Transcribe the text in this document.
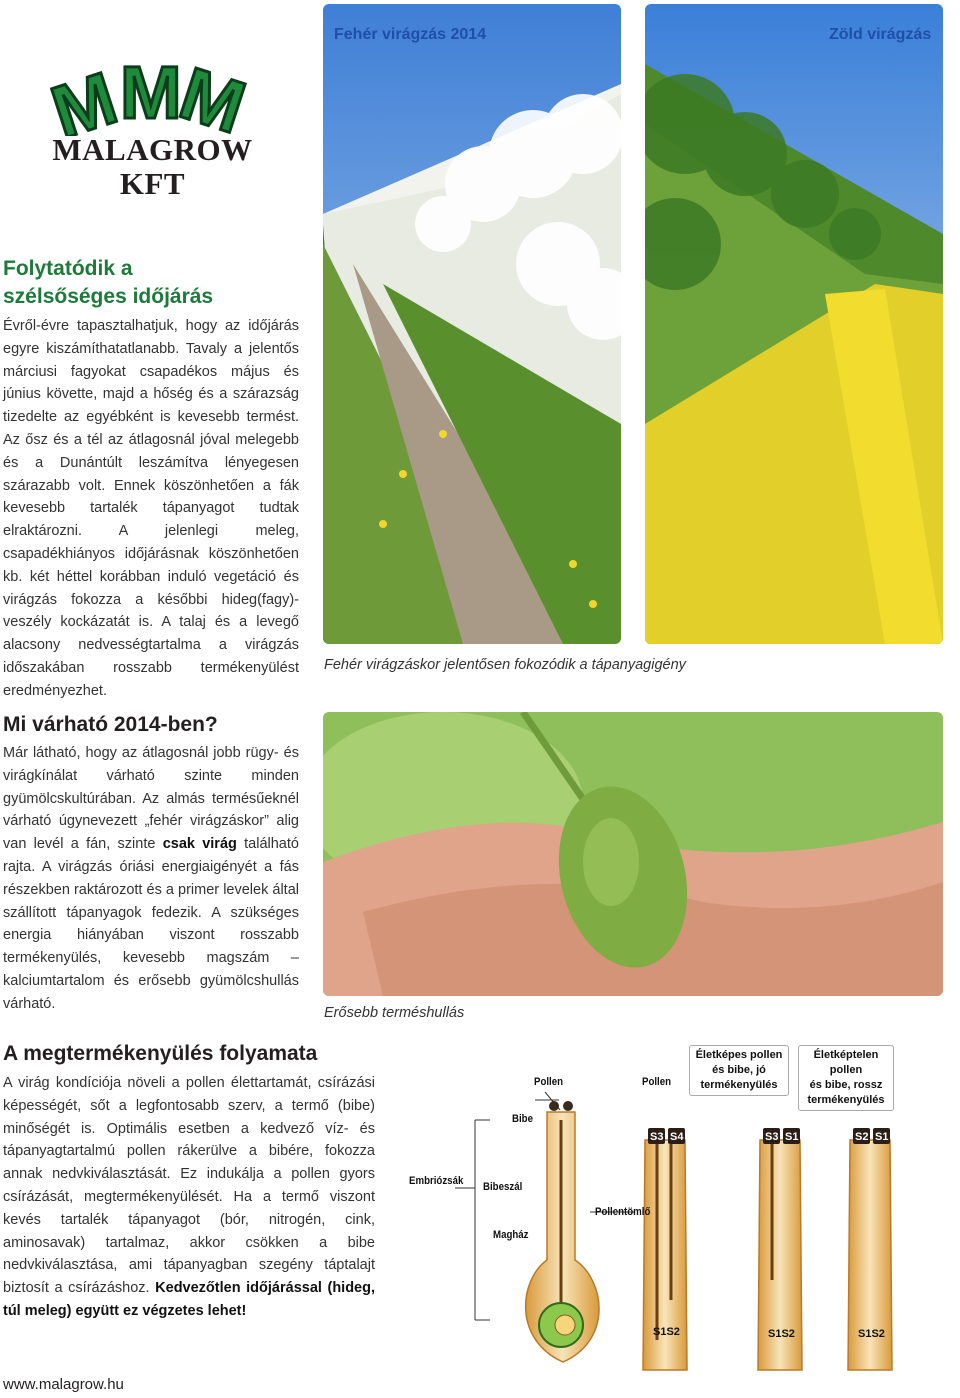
M
M
M
MALAGROW
KFT
Folytatódik a
szélsőséges időjárás

Évről-évre tapasztalhatjuk, hogy az időjárás egyre kiszámíthatatlanabb. Tavaly a jelentős márciusi fagyokat csapadékos május és június követte, majd a hőség és a szárazság tizedelte az egyébként is kevesebb termést. Az ősz és a tél az átlagosnál jóval melegebb és a Dunántúlt leszámítva lényegesen szárazabb volt. Ennek köszönhetően a fák kevesebb tartalék tápanyagot tudtak elraktározni. A jelenlegi meleg, csapadékhiányos időjárásnak köszönhetően kb. két héttel korábban induló vegetáció és virágzás fokozza a későbbi hideg(fagy)-veszély kockázatát is. A talaj és a levegő alacsony nedvességtartalma a virágzás időszakában rosszabb termékenyülést eredményezhet.

Fehér virágzás 2014	Zöld virágzás
Fehér virágzáskor jelentősen fokozódik a tápanyagigény
Mi várható 2014-ben?

Már látható, hogy az átlagosnál jobb rügy- és virágkínálat várható szinte minden gyümölcskultúrában. Az almás termésűeknél várható úgynevezett „fehér virágzáskor” alig van levél a fán, szinte csak virág található rajta. A virágzás óriási energiaigényét a fás részekben raktározott és a primer levelek által szállított tápanyagok fedezik. A szükséges energia hiányában viszont rosszabb termékenyülés, kevesebb magszám – kalciumtartalom és erősebb gyümölcshullás várható.

Erősebb terméshullás
A megtermékenyülés folyamata

A virág kondíciója növeli a pollen élettartamát, csírázási képességét, sőt a legfontosabb szerv, a termő (bibe) minőségét is. Optimális esetben a kedvező víz- és tápanyagtartalmú pollen rákerülve a bibére, fokozza annak nedvkiválasztását. Ez indukálja a pollen gyors csírázását, megtermékenyülését. Ha a termő viszont kevés tartalék tápanyagot (bór, nitrogén, cink, aminosavak) tartalmaz, akkor csökken a bibe nedvkiválasztása, ami tápanyagban szegény táptalajt biztosít a csírázáshoz. Kedvezőtlen időjárással (hideg, túl meleg) együtt ez végzetes lehet!

S3 S4	S3 S1	S2 S1
S1S2	S1S2	S1S2
Pollen	Pollen
Bibe
Embriózsák Bibeszál
Pollentömlő
Magház
Életképes pollen
és bibe, jó
termékenyülés
Életképtelen pollen
és bibe, rossz
termékenyülés
www.malagrow.hu
